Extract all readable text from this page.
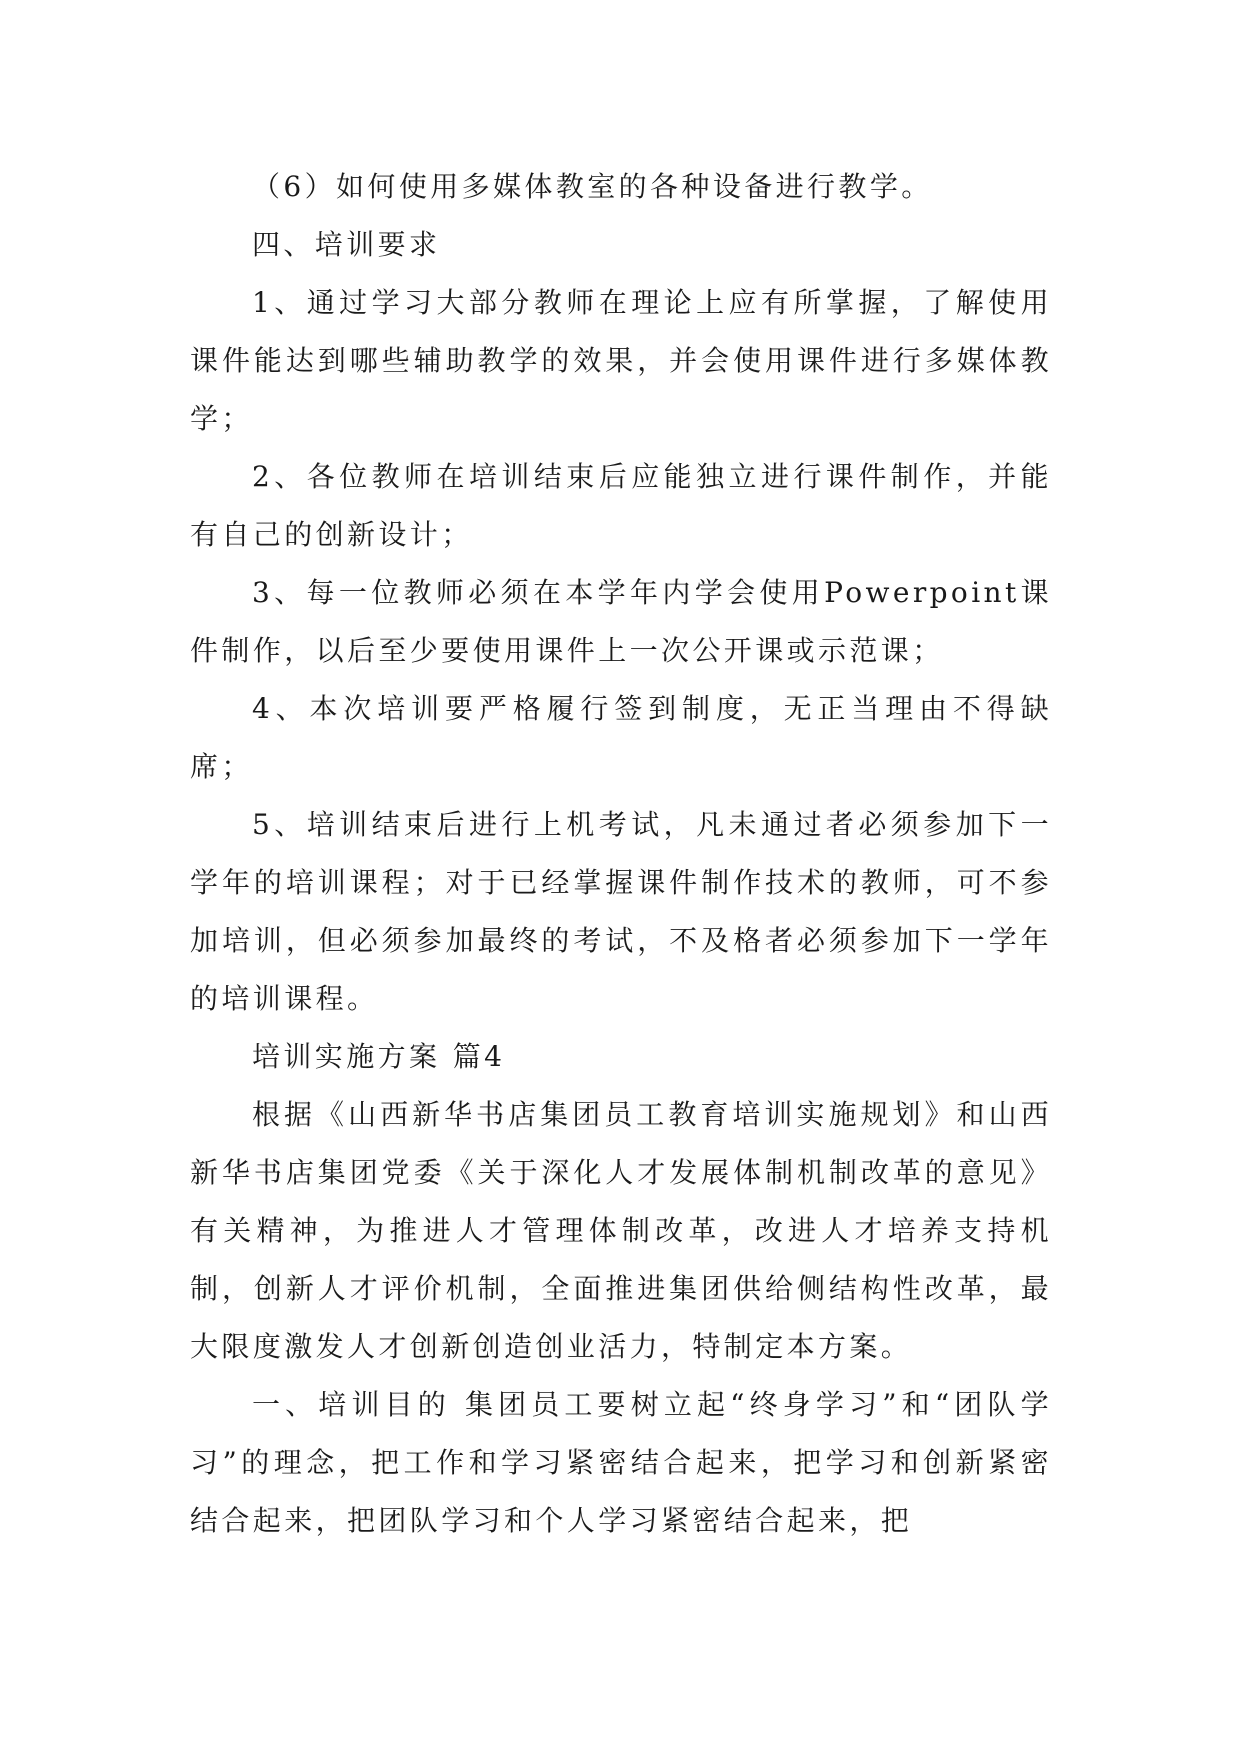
（6）如何使用多媒体教室的各种设备进行教学。

四、培训要求

1、通过学习大部分教师在理论上应有所掌握，了解使用课件能达到哪些辅助教学的效果，并会使用课件进行多媒体教学；

2、各位教师在培训结束后应能独立进行课件制作，并能有自己的创新设计；

3、每一位教师必须在本学年内学会使用Powerpoint课件制作，以后至少要使用课件上一次公开课或示范课；

4、本次培训要严格履行签到制度，无正当理由不得缺席；

5、培训结束后进行上机考试，凡未通过者必须参加下一学年的培训课程；对于已经掌握课件制作技术的教师，可不参加培训，但必须参加最终的考试，不及格者必须参加下一学年的培训课程。

培训实施方案 篇4

根据《山西新华书店集团员工教育培训实施规划》和山西新华书店集团党委《关于深化人才发展体制机制改革的意见》有关精神，为推进人才管理体制改革，改进人才培养支持机制，创新人才评价机制，全面推进集团供给侧结构性改革，最大限度激发人才创新创造创业活力，特制定本方案。

一、培训目的 集团员工要树立起“终身学习”和“团队学习”的理念，把工作和学习紧密结合起来，把学习和创新紧密结合起来，把团队学习和个人学习紧密结合起来，把
